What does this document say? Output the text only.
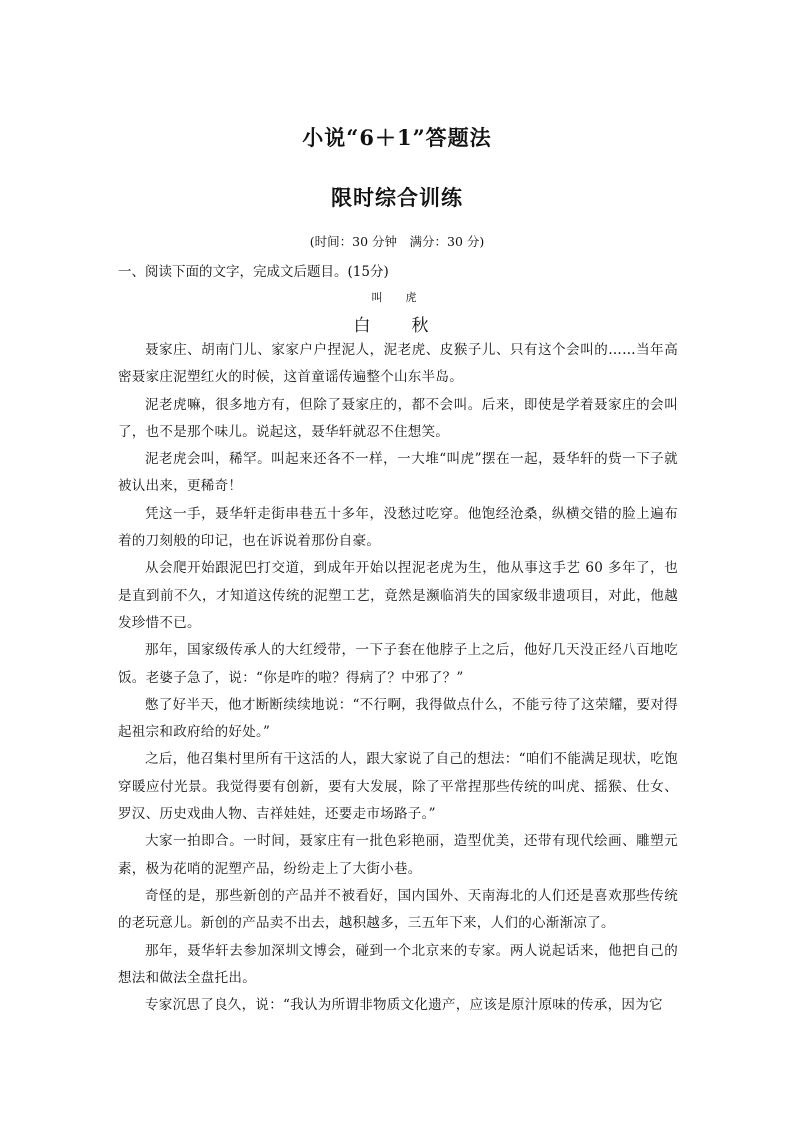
小说“6＋1”答题法
限时综合训练
(时间：30 分钟　满分：30 分)
一、阅读下面的文字，完成文后题目。(15分)
叫　虎
白　秋

聂家庄、胡南门儿、家家户户捏泥人，泥老虎、皮猴子儿、只有这个会叫的……当年高密聂家庄泥塑红火的时候，这首童谣传遍整个山东半岛。

泥老虎嘛，很多地方有，但除了聂家庄的，都不会叫。后来，即使是学着聂家庄的会叫了，也不是那个味儿。说起这，聂华轩就忍不住想笑。

泥老虎会叫，稀罕。叫起来还各不一样，一大堆“叫虎”摆在一起，聂华轩的赀一下子就被认出来，更稀奇！

凭这一手，聂华轩走街串巷五十多年，没愁过吃穿。他饱经沧桑，纵横交错的脸上遍布着的刀刻般的印记，也在诉说着那份自豪。

从会爬开始跟泥巴打交道，到成年开始以捏泥老虎为生，他从事这手艺 60 多年了，也是直到前不久，才知道这传统的泥塑工艺，竟然是濒临消失的国家级非遗项目，对此，他越发珍惜不已。

那年，国家级传承人的大红绶带，一下子套在他脖子上之后，他好几天没正经八百地吃饭。老婆子急了，说：“你是咋的啦？得病了？中邪了？”

憋了好半天，他才断断续续地说：“不行啊，我得做点什么，不能亏待了这荣耀，要对得起祖宗和政府给的好处。”

之后，他召集村里所有干这活的人，跟大家说了自己的想法：“咱们不能满足现状，吃饱穿暖应付光景。我觉得要有创新，要有大发展，除了平常捏那些传统的叫虎、摇猴、仕女、罗汉、历史戏曲人物、吉祥娃娃，还要走市场路子。”

大家一拍即合。一时间，聂家庄有一批色彩艳丽，造型优美，还带有现代绘画、雕塑元素，极为花哨的泥塑产品，纷纷走上了大街小巷。

奇怪的是，那些新创的产品并不被看好，国内国外、天南海北的人们还是喜欢那些传统的老玩意儿。新创的产品卖不出去，越积越多，三五年下来，人们的心渐渐凉了。

那年，聂华轩去参加深圳文博会，碰到一个北京来的专家。两人说起话来，他把自己的想法和做法全盘托出。

专家沉思了良久，说：“我认为所谓非物质文化遗产，应该是原汁原味的传承，因为它
